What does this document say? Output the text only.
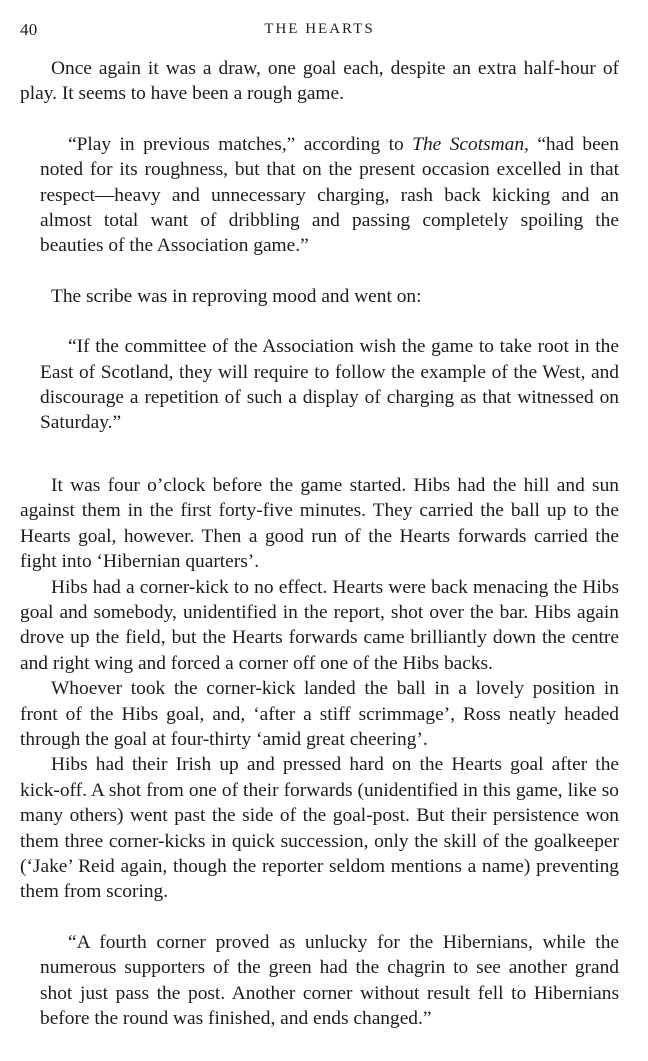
40	THE HEARTS

Once again it was a draw, one goal each, despite an extra half-hour of play. It seems to have been a rough game.

“Play in previous matches,” according to The Scotsman, “had been noted for its roughness, but that on the present occasion excelled in that respect—heavy and unnecessary charging, rash back kicking and an almost total want of dribbling and passing completely spoiling the beauties of the Association game.”

The scribe was in reproving mood and went on:

“If the committee of the Association wish the game to take root in the East of Scotland, they will require to follow the example of the West, and discourage a repetition of such a display of charging as that witnessed on Saturday.”

It was four o’clock before the game started. Hibs had the hill and sun against them in the first forty-five minutes. They carried the ball up to the Hearts goal, however. Then a good run of the Hearts forwards carried the fight into ‘Hibernian quarters’.

Hibs had a corner-kick to no effect. Hearts were back menacing the Hibs goal and somebody, unidentified in the report, shot over the bar. Hibs again drove up the field, but the Hearts forwards came brilliantly down the centre and right wing and forced a corner off one of the Hibs backs.

Whoever took the corner-kick landed the ball in a lovely position in front of the Hibs goal, and, ‘after a stiff scrimmage’, Ross neatly headed through the goal at four-thirty ‘amid great cheering’.

Hibs had their Irish up and pressed hard on the Hearts goal after the kick-off. A shot from one of their forwards (unidentified in this game, like so many others) went past the side of the goal-post. But their persistence won them three corner-kicks in quick succession, only the skill of the goalkeeper (‘Jake’ Reid again, though the reporter seldom mentions a name) preventing them from scoring.

“A fourth corner proved as unlucky for the Hibernians, while the numerous supporters of the green had the chagrin to see another grand shot just pass the post. Another corner without result fell to Hibernians before the round was finished, and ends changed.”
